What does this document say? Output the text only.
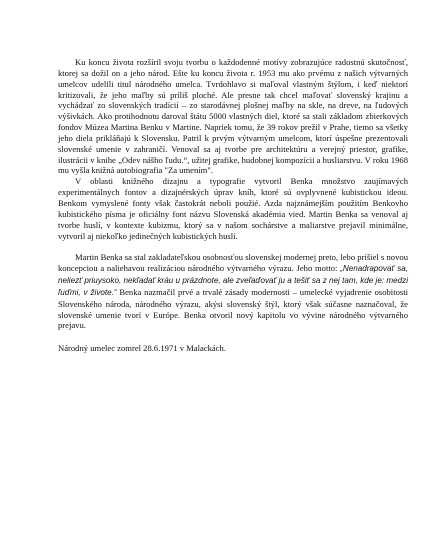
Ku koncu života rozšíril svoju tvorbu o každodenné motívy zobrazujúce radostnú skutočnosť, ktorej sa dožil on a jeho národ. Ešte ku koncu života r. 1953 mu ako prvému z našich výtvarných umelcov udelili titul národného umelca. Tvrdohlavo si maľoval vlastným štýlom, i keď niektorí kritizovali, že jeho maľby sú príliš ploché. Ale presne tak chcel maľovať slovenský krajinu a vychádzať zo slovenských tradícií – zo starodávnej plošnej maľby na skle, na dreve, na ľudových výšivkách. Ako protihodnotu daroval štátu 5000 vlastných diel, ktoré sa stali základom zbierkových fondov Múzea Martina Benku v Martine. Napriek tomu, že 39 rokov prežil v Prahe, tiemo sa všetky jeho diela prikláňajú k Slovensku. Patril k prvým výtvarným umelcom, ktorí úspešne prezentovali slovenské umenie v zahraničí. Venoval sa aj tvorbe pre architektúru a verejný priestor, grafike, ilustrácii v knihe „Odev nášho ľudu.“, užitej grafike, hudobnej kompozícii a husliarstvu. V roku 1968 mu vyšla knižná autobiografia "Za umením".

V oblasti knižného dizajnu a typografie vytvoril Benka množstvo zaujímavých experimentálnych fontov a dizajnérských úprav kníh, ktoré sú ovplyvnené kubistickou ideou. Benkom vymyslené fonty však častokrát neboli použié. Azda najznámejším použitím Benkovho kubistického písma je oficiálny font názvu Slovenská akadémia vied. Martin Benka sa venoval aj tvorbe huslí, v kontexte kubizmu, ktorý sa v našom sochárstve a maliarstve prejavil minimálne, vytvoril aj niekoľko jedinečných kubistických huslí.

Martin Benka sa stal zakladateľskou osobnosťou slovenskej modernej preto, lebo prišiel s novou koncepciou a naliehavou realizáciou národného výtvarného výrazu. Jeho motto: „Nenadrapovať sa, neliezť priuysoko, nekľadať kráu u prázdnote, ale zveľaďovať ju a tešiť sa z nej tam, kde je: medzi ľuďmi, v živote.“ Benka nazmačil prvé a trvalé zásady modernosti – umelecké vyjadrenie osobitosti Slovenského národa, národného výrazu, akýsi slovenský štýl, ktorý však súčasne naznačoval, že slovenské umenie tvorí v Európe. Benka otvoril nový kapitolu vo vývine národného výtvarného prejavu.

Národný umelec zomrel 28.6.1971 v Malackách.
